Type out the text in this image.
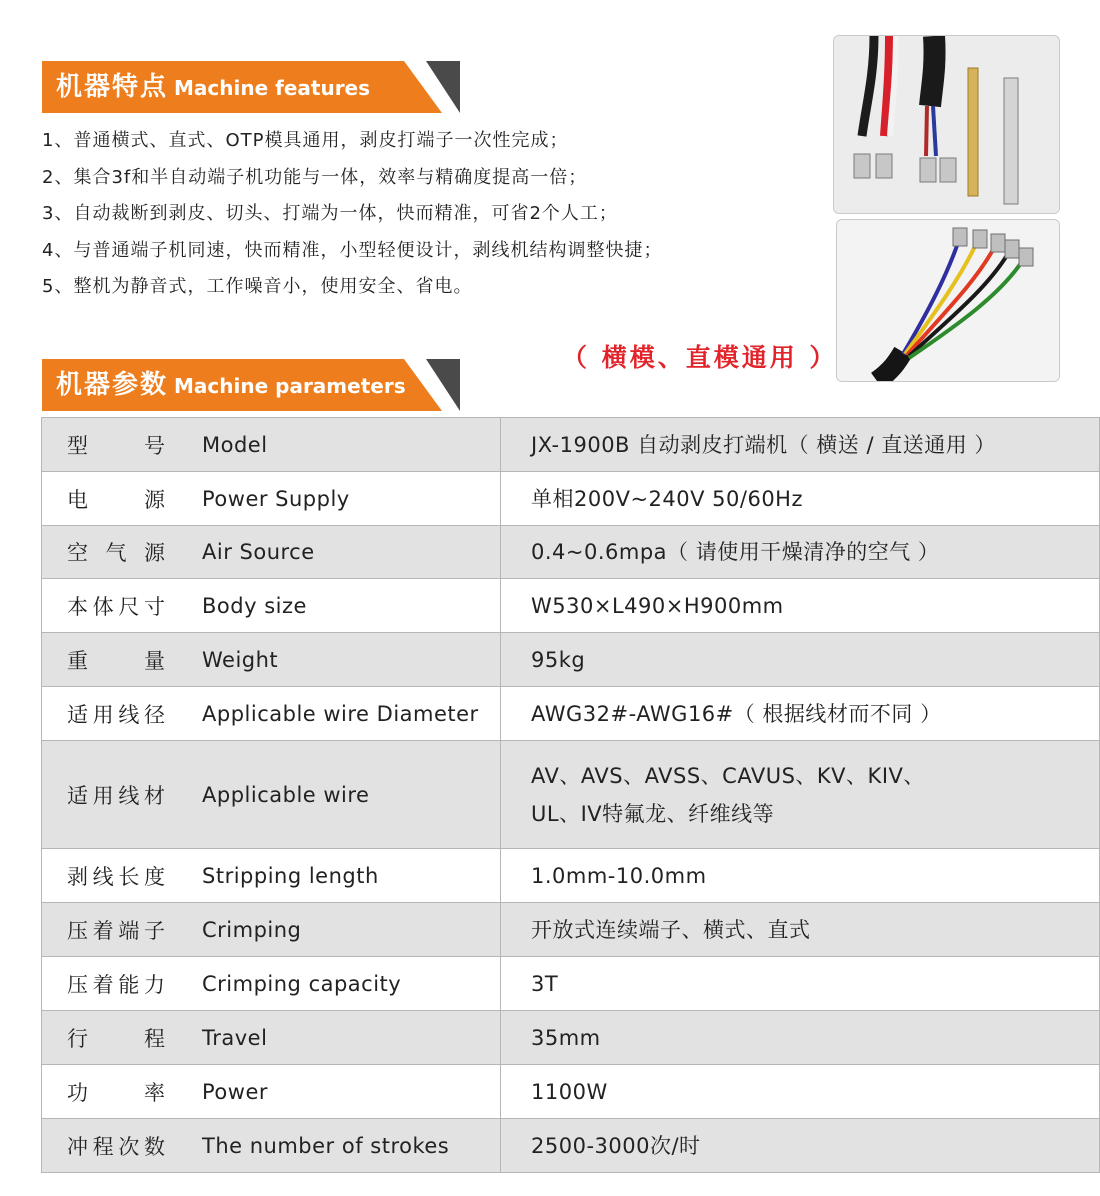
机器特点 Machine features
1、普通横式、直式、OTP模具通用，剥皮打端子一次性完成；
2、集合3f和半自动端子机功能与一体，效率与精确度提高一倍；
3、自动裁断到剥皮、切头、打端为一体，快而精准，可省2个人工；
4、与普通端子机同速，快而精准，小型轻便设计，剥线机结构调整快捷；
5、整机为静音式，工作噪音小，使用安全、省电。
（ 横模、直模通用 ）
机器参数 Machine parameters
型号 Model	JX-1900B 自动剥皮打端机（ 横送 / 直送通用 ）

电源 Power Supply	单相200V~240V 50/60Hz

空气源 Air Source	0.4~0.6mpa（ 请使用干燥清净的空气 ）

本体尺寸 Body size	W530×L490×H900mm

重量 Weight	95kg

适用线径 Applicable wire Diameter	AWG32#-AWG16#（ 根据线材而不同 ）

适用线材 Applicable wire	AV、AVS、AVSS、CAVUS、KV、KIV、
UL、IV特氟龙、纤维线等

剥线长度 Stripping length	1.0mm-10.0mm

压着端子 Crimping	开放式连续端子、横式、直式

压着能力 Crimping capacity	3T

行程 Travel	35mm

功率 Power	1100W

冲程次数 The number of strokes	2500-3000次/时
